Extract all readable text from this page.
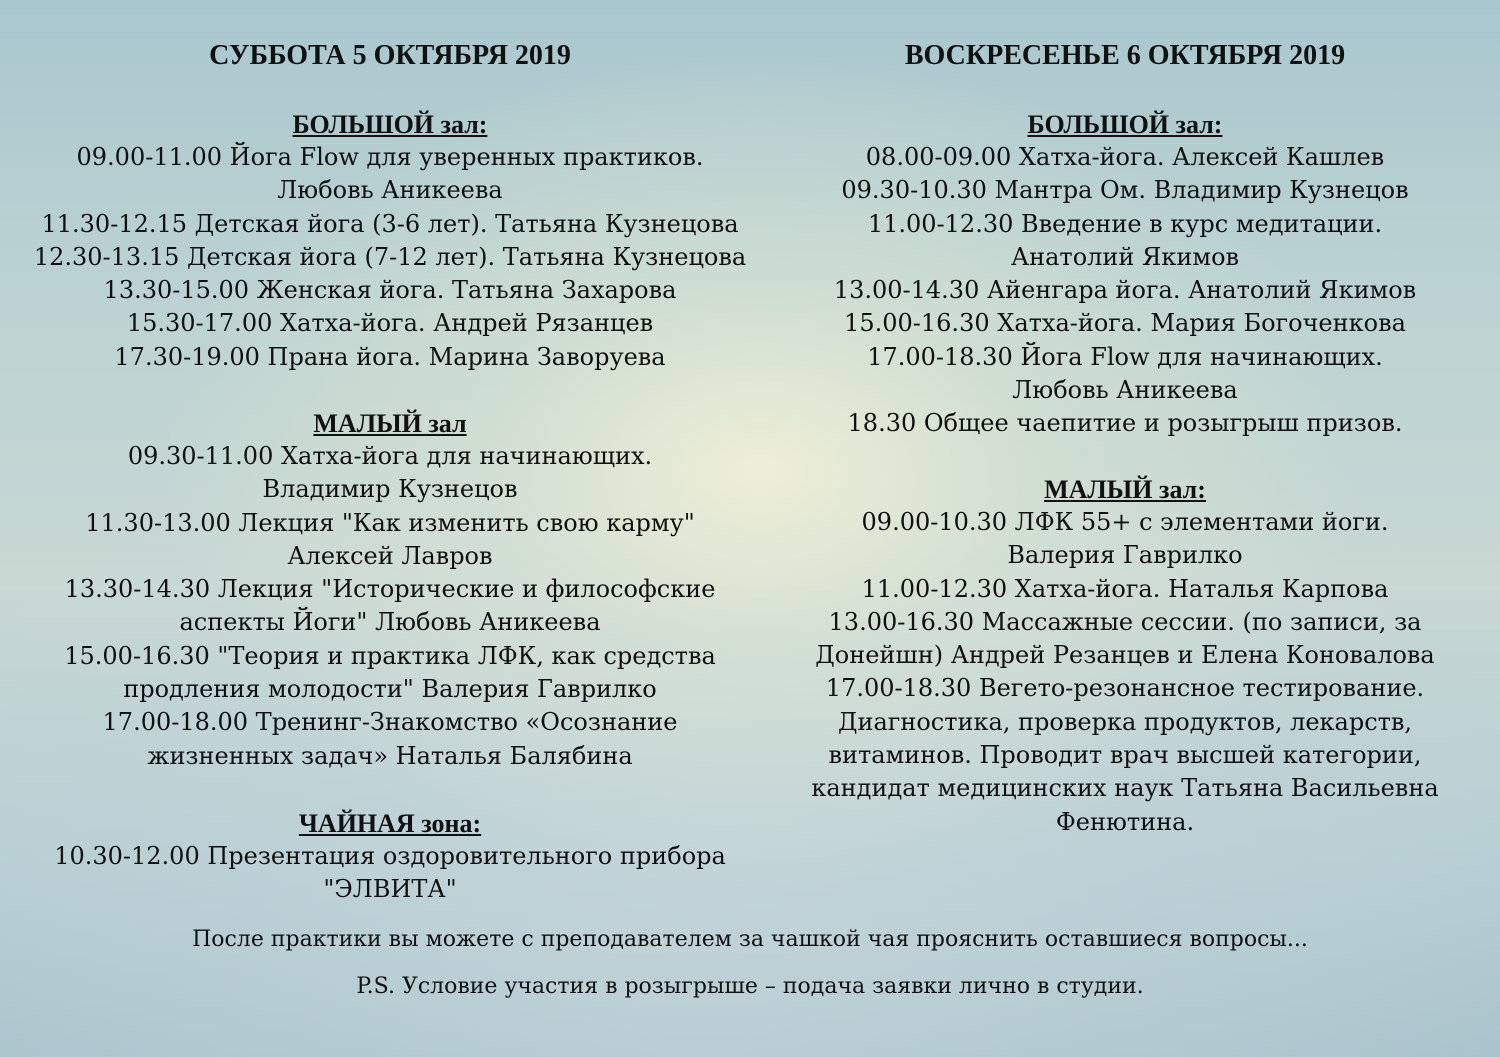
СУББОТА 5 ОКТЯБРЯ 2019
БОЛЬШОЙ зал:
09.00-11.00 Йога Flow для уверенных практиков.
Любовь Аникеева
11.30-12.15 Детская йога (3-6 лет). Татьяна Кузнецова
12.30-13.15 Детская йога (7-12 лет). Татьяна Кузнецова
13.30-15.00 Женская йога. Татьяна Захарова
15.30-17.00 Хатха-йога. Андрей Рязанцев
17.30-19.00 Прана йога. Марина Заворуева
МАЛЫЙ зал
09.30-11.00 Хатха-йога для начинающих.
Владимир Кузнецов
11.30-13.00 Лекция "Как изменить свою карму"
Алексей Лавров
13.30-14.30 Лекция "Исторические и философские
аспекты Йоги" Любовь Аникеева
15.00-16.30 "Теория и практика ЛФК, как средства
продления молодости" Валерия Гаврилко
17.00-18.00 Тренинг-Знакомство «Осознание
жизненных задач» Наталья Балябина
ЧАЙНАЯ зона:
10.30-12.00 Презентация оздоровительного прибора
"ЭЛВИТА"
ВОСКРЕСЕНЬЕ 6 ОКТЯБРЯ 2019
БОЛЬШОЙ зал:
08.00-09.00 Хатха-йога. Алексей Кашлев
09.30-10.30 Мантра Ом. Владимир Кузнецов
11.00-12.30 Введение в курс медитации.
Анатолий Якимов
13.00-14.30 Айенгара йога. Анатолий Якимов
15.00-16.30 Хатха-йога. Мария Богоченкова
17.00-18.30 Йога Flow для начинающих.
Любовь Аникеева
18.30 Общее чаепитие и розыгрыш призов.
МАЛЫЙ зал:
09.00-10.30 ЛФК 55+ с элементами йоги.
Валерия Гаврилко
11.00-12.30 Хатха-йога. Наталья Карпова
13.00-16.30 Массажные сессии. (по записи, за
Донейшн) Андрей Резанцев и Елена Коновалова
17.00-18.30 Вегето-резонансное тестирование.
Диагностика, проверка продуктов, лекарств,
витаминов. Проводит врач высшей категории,
кандидат медицинских наук Татьяна Васильевна
Фенютина.
После практики вы можете с преподавателем за чашкой чая прояснить оставшиеся вопросы...
P.S. Условие участия в розыгрыше – подача заявки лично в студии.
